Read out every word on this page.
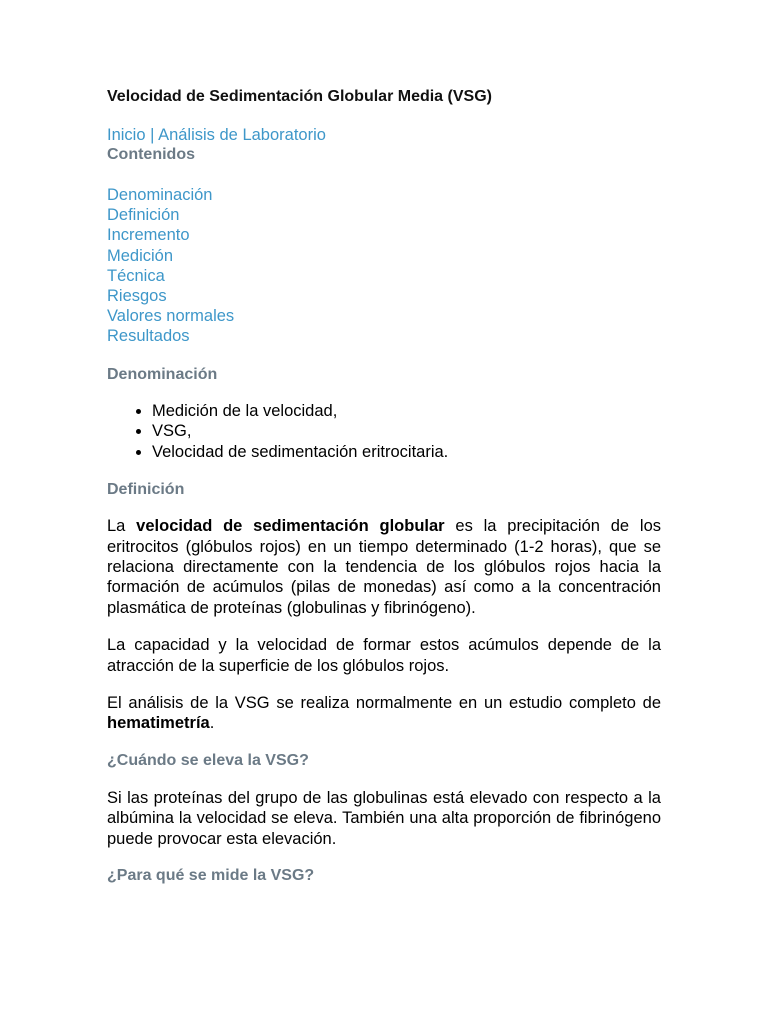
Velocidad de Sedimentación Globular Media (VSG)
Inicio | Análisis de Laboratorio
Contenidos
Denominación
Definición
Incremento
Medición
Técnica
Riesgos
Valores normales
Resultados
Denominación
• Medición de la velocidad,
• VSG,
• Velocidad de sedimentación eritrocitaria.
Definición

La velocidad de sedimentación globular es la precipitación de los eritrocitos (glóbulos rojos) en un tiempo determinado (1-2 horas), que se relaciona directamente con la tendencia de los glóbulos rojos hacia la formación de acúmulos (pilas de monedas) así como a la concentración plasmática de proteínas (globulinas y fibrinógeno).

La capacidad y la velocidad de formar estos acúmulos depende de la atracción de la superficie de los glóbulos rojos.

El análisis de la VSG se realiza normalmente en un estudio completo de hematimetría.

¿Cuándo se eleva la VSG?

Si las proteínas del grupo de las globulinas está elevado con respecto a la albúmina la velocidad se eleva. También una alta proporción de fibrinógeno puede provocar esta elevación.

¿Para qué se mide la VSG?
